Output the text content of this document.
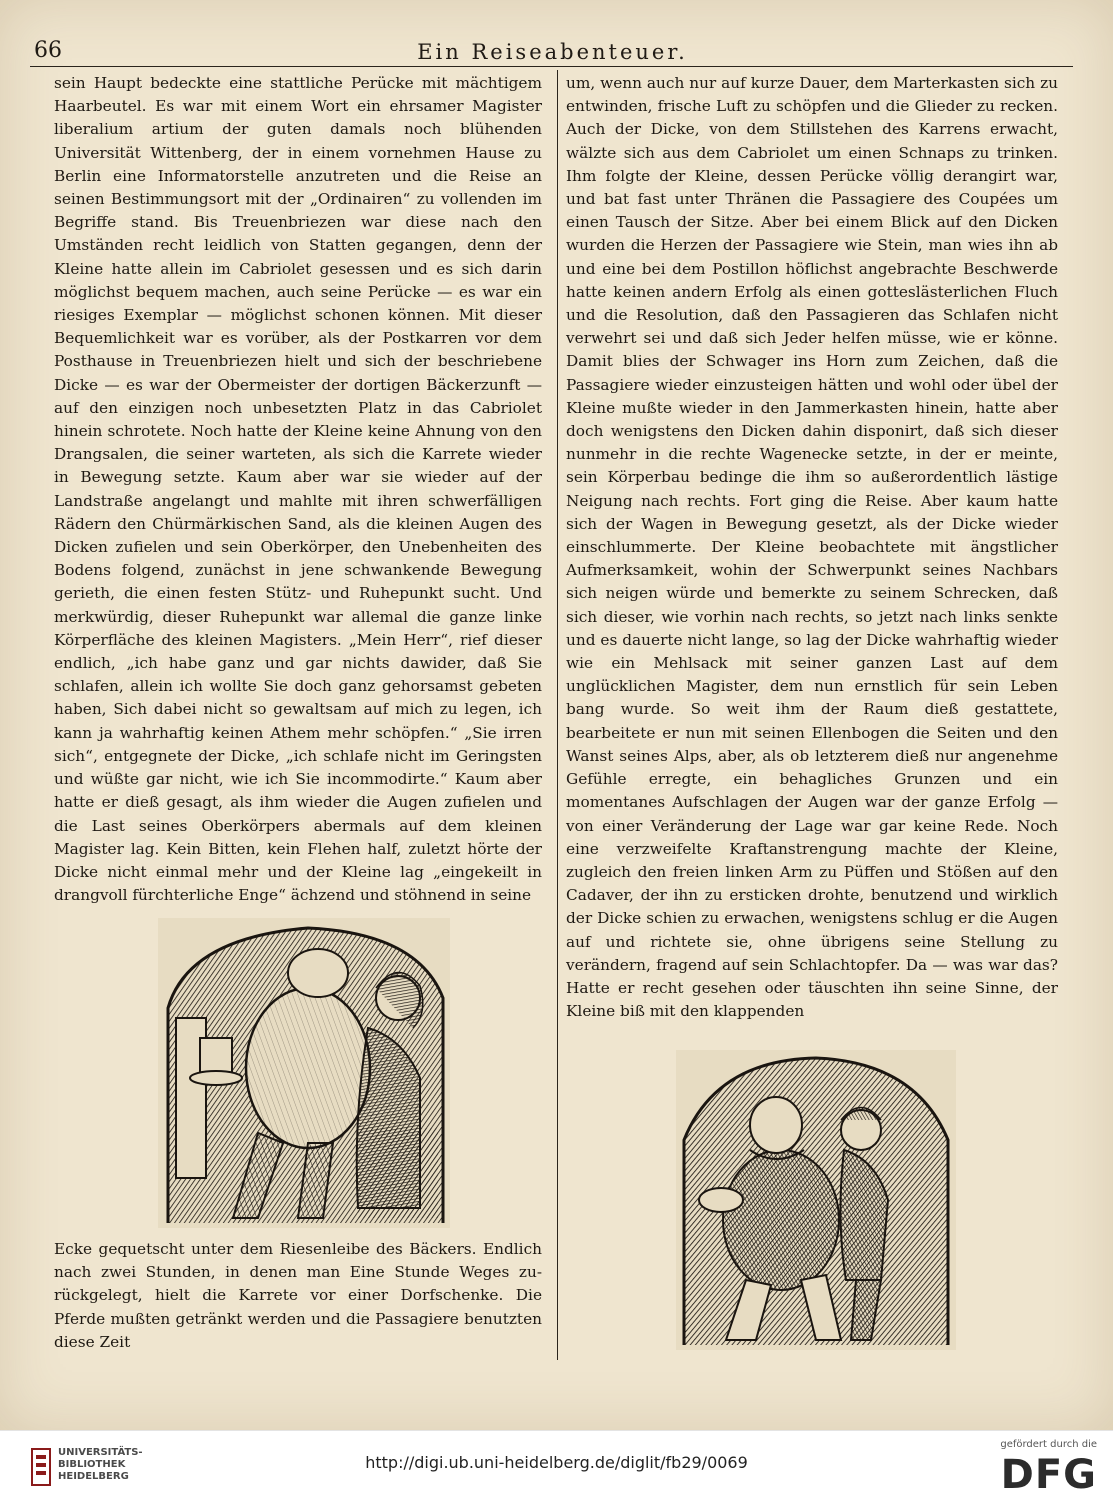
66	Ein Reiseabenteuer.

sein Haupt bedeckte eine stattliche Perücke mit mächtigem Haarbeutel. Es war mit einem Wort ein ehrsamer Magister liberalium artium der guten damals noch blühenden Universität Wittenberg, der in einem vornehmen Hause zu Berlin eine Informatorstelle anzutreten und die Reise an seinen Bestimmungsort mit der „Ordinairen“ zu vollenden im Begriffe stand. Bis Treuenbriezen war diese nach den Umständen recht leidlich von Statten gegangen, denn der Kleine hatte allein im Cabriolet gesessen und es sich darin möglichst bequem machen, auch seine Perücke — es war ein riesiges Exemplar — möglichst schonen können. Mit dieser Bequemlichkeit war es vorüber, als der Postkarren vor dem Posthause in Treuenbriezen hielt und sich der beschriebene Dicke — es war der Obermeister der dortigen Bäckerzunft — auf den einzigen noch unbesetzten Platz in das Cabriolet hinein schrotete. Noch hatte der Kleine keine Ahnung von den Drangsalen, die seiner warteten, als sich die Karrete wieder in Bewegung setzte. Kaum aber war sie wieder auf der Landstraße angelangt und mahlte mit ihren schwerfälligen Rädern den Chürmärkischen Sand, als die kleinen Augen des Dicken zufielen und sein Oberkörper, den Unebenheiten des Bodens folgend, zunächst in jene schwankende Bewegung gerieth, die einen festen Stütz- und Ruhepunkt sucht. Und merkwürdig, dieser Ruhepunkt war allemal die ganze linke Körperfläche des kleinen Magisters. „Mein Herr“, rief dieser endlich, „ich habe ganz und gar nichts dawider, daß Sie schlafen, allein ich wollte Sie doch ganz gehorsamst gebeten haben, Sich dabei nicht so gewaltsam auf mich zu legen, ich kann ja wahrhaftig keinen Athem mehr schöpfen.“ „Sie irren sich“, entgegnete der Dicke, „ich schlafe nicht im Geringsten und wüßte gar nicht, wie ich Sie incommodirte.“ Kaum aber hatte er dieß gesagt, als ihm wieder die Augen zufielen und die Last seines Oberkörpers abermals auf dem kleinen Magister lag. Kein Bitten, kein Flehen half, zuletzt hörte der Dicke nicht einmal mehr und der Kleine lag „eingekeilt in drangvoll fürchterliche Enge“ ächzend und stöhnend in seine

Ecke gequetscht unter dem Riesenleibe des Bäckers. Endlich nach zwei Stunden, in denen man Eine Stunde Weges zurückgelegt, hielt die Karrete vor einer Dorfschenke. Die Pferde mußten getränkt werden und die Passagiere benutzten diese Zeit

um, wenn auch nur auf kurze Dauer, dem Marterkasten sich zu entwinden, frische Luft zu schöpfen und die Glieder zu recken. Auch der Dicke, von dem Stillstehen des Karrens erwacht, wälzte sich aus dem Cabriolet um einen Schnaps zu trinken. Ihm folgte der Kleine, dessen Perücke völlig derangirt war, und bat fast unter Thränen die Passagiere des Coupées um einen Tausch der Sitze. Aber bei einem Blick auf den Dicken wurden die Herzen der Passagiere wie Stein, man wies ihn ab und eine bei dem Postillon höflichst angebrachte Beschwerde hatte keinen andern Erfolg als einen gotteslästerlichen Fluch und die Resolution, daß den Passagieren das Schlafen nicht verwehrt sei und daß sich Jeder helfen müsse, wie er könne. Damit blies der Schwager ins Horn zum Zeichen, daß die Passagiere wieder einzusteigen hätten und wohl oder übel der Kleine mußte wieder in den Jammerkasten hinein, hatte aber doch wenigstens den Dicken dahin disponirt, daß sich dieser nunmehr in die rechte Wagenecke setzte, in der er meinte, sein Körperbau bedinge die ihm so außerordentlich lästige Neigung nach rechts. Fort ging die Reise. Aber kaum hatte sich der Wagen in Bewegung gesetzt, als der Dicke wieder einschlummerte. Der Kleine beobachtete mit ängstlicher Aufmerksamkeit, wohin der Schwerpunkt seines Nachbars sich neigen würde und bemerkte zu seinem Schrecken, daß sich dieser, wie vorhin nach rechts, so jetzt nach links senkte und es dauerte nicht lange, so lag der Dicke wahrhaftig wieder wie ein Mehlsack mit seiner ganzen Last auf dem unglücklichen Magister, dem nun ernstlich für sein Leben bang wurde. So weit ihm der Raum dieß gestattete, bearbeitete er nun mit seinen Ellenbogen die Seiten und den Wanst seines Alps, aber, als ob letzterem dieß nur angenehme Gefühle erregte, ein behagliches Grunzen und ein momentanes Aufschlagen der Augen war der ganze Erfolg — von einer Veränderung der Lage war gar keine Rede. Noch eine verzweifelte Kraftanstrengung machte der Kleine, zugleich den freien linken Arm zu Püffen und Stößen auf den Cadaver, der ihn zu ersticken drohte, benutzend und wirklich der Dicke schien zu erwachen, wenigstens schlug er die Augen auf und richtete sie, ohne übrigens seine Stellung zu verändern, fragend auf sein Schlachtopfer. Da — was war das? Hatte er recht gesehen oder täuschten ihn seine Sinne, der Kleine biß mit den klappenden

UNIVERSITÄTS-
BIBLIOTHEK
HEIDELBERG
http://digi.ub.uni-heidelberg.de/diglit/fb29/0069
gefördert durch die
DFG
